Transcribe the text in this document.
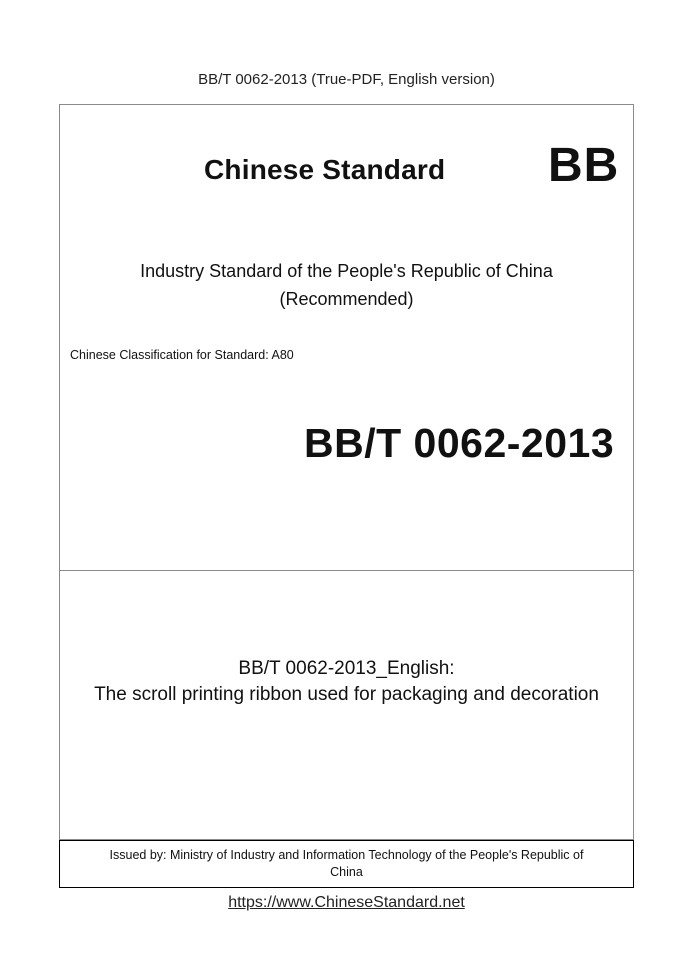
BB/T 0062-2013 (True-PDF, English version)
Chinese Standard BB
Industry Standard of the People's Republic of China
(Recommended)
Chinese Classification for Standard: A80
BB/T 0062-2013
BB/T 0062-2013_English:
The scroll printing ribbon used for packaging and decoration
Issued by: Ministry of Industry and Information Technology of the People's Republic of
China
https://www.ChineseStandard.net
